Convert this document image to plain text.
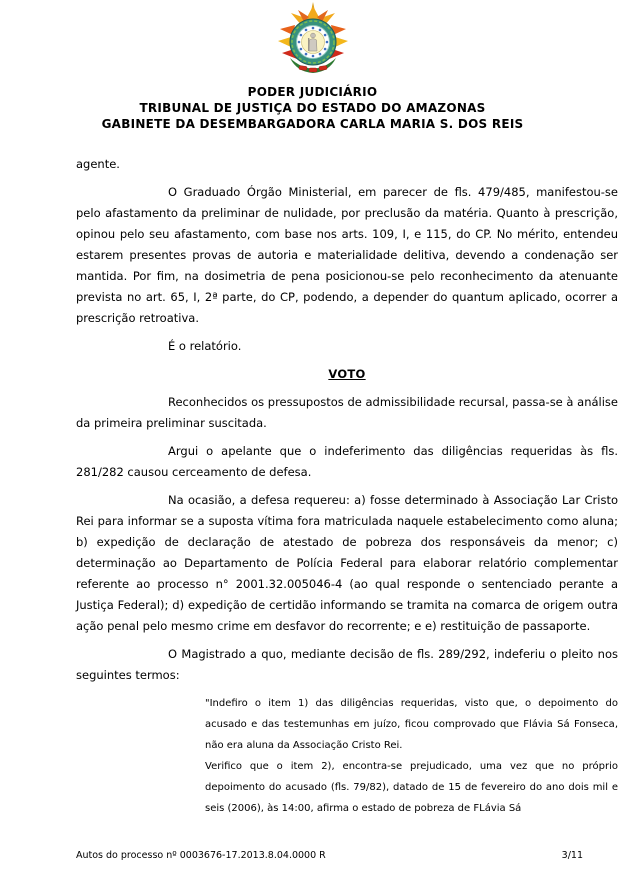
PODER JUDICIÁRIO
TRIBUNAL DE JUSTIÇA DO ESTADO DO AMAZONAS
GABINETE DA DESEMBARGADORA CARLA MARIA S. DOS REIS

agente.

O Graduado Órgão Ministerial, em parecer de fls. 479/485, manifestou-se pelo afastamento da preliminar de nulidade, por preclusão da matéria. Quanto à prescrição, opinou pelo seu afastamento, com base nos arts. 109, I, e 115, do CP. No mérito, entendeu estarem presentes provas de autoria e materialidade delitiva, devendo a condenação ser mantida. Por fim, na dosimetria de pena posicionou-se pelo reconhecimento da atenuante prevista no art. 65, I, 2ª parte, do CP, podendo, a depender do quantum aplicado, ocorrer a prescrição retroativa.

É o relatório.

VOTO

Reconhecidos os pressupostos de admissibilidade recursal, passa-se à análise da primeira preliminar suscitada.

Argui o apelante que o indeferimento das diligências requeridas às fls. 281/282 causou cerceamento de defesa.

Na ocasião, a defesa requereu: a) fosse determinado à Associação Lar Cristo Rei para informar se a suposta vítima fora matriculada naquele estabelecimento como aluna; b) expedição de declaração de atestado de pobreza dos responsáveis da menor; c) determinação ao Departamento de Polícia Federal para elaborar relatório complementar referente ao processo n° 2001.32.005046-4 (ao qual responde o sentenciado perante a Justiça Federal); d) expedição de certidão informando se tramita na comarca de origem outra ação penal pelo mesmo crime em desfavor do recorrente; e e) restituição de passaporte.

O Magistrado a quo, mediante decisão de fls. 289/292, indeferiu o pleito nos seguintes termos:

"Indefiro o item 1) das diligências requeridas, visto que, o depoimento do acusado e das testemunhas em juízo, ficou comprovado que Flávia Sá Fonseca, não era aluna da Associação Cristo Rei.

Verifico que o item 2), encontra-se prejudicado, uma vez que no próprio depoimento do acusado (fls. 79/82), datado de 15 de fevereiro do ano dois mil e seis (2006), às 14:00, afirma o estado de pobreza de FLávia Sá

Autos do processo nº 0003676-17.2013.8.04.0000 R	3/11
